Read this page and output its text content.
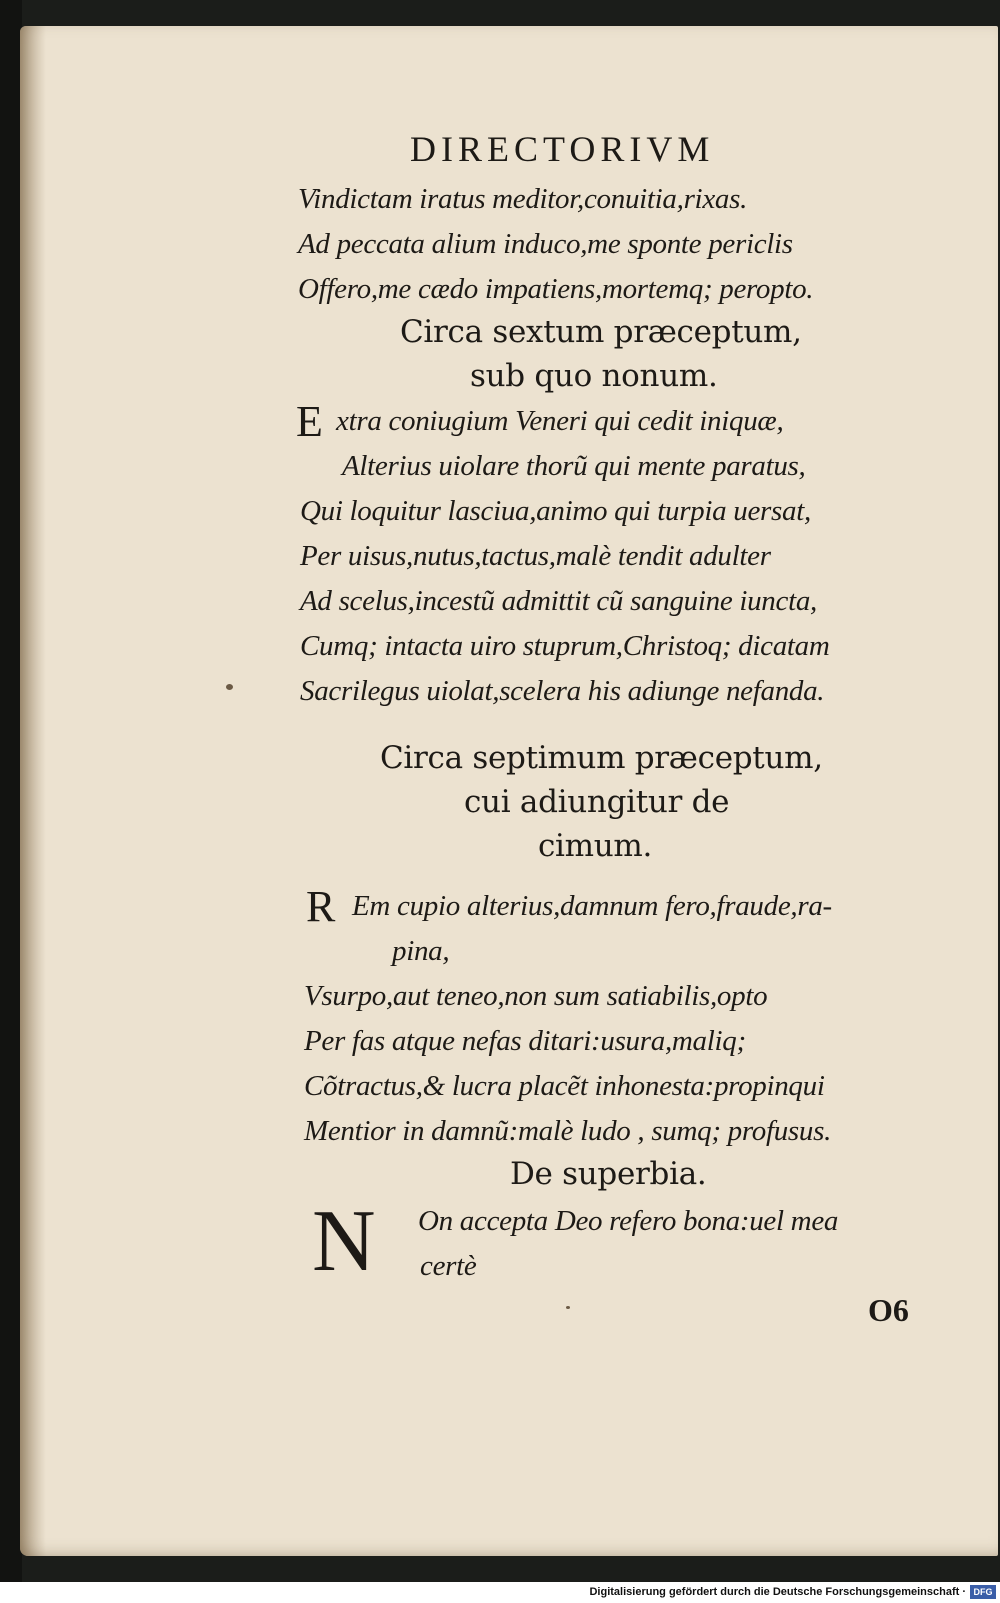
DIRECTORIVM
Vindictam iratus meditor,conuitia,rixas.
Ad peccata alium induco,me sponte periclis
Offero,me cædo impatiens,mortemq; peropto.
Circa sextum præceptum,
sub quo nonum.
E xtra coniugium Veneri qui cedit iniquæ,
Alterius uiolare thorũ qui mente paratus,
Qui loquitur lasciua,animo qui turpia uersat,
Per uisus,nutus,tactus,malè tendit adulter
Ad scelus,incestũ admittit cũ sanguine iuncta,
Cumq; intacta uiro stuprum,Christoq; dicatam
Sacrilegus uiolat,scelera his adiunge nefanda.
Circa septimum præceptum,
cui adiungitur de
cimum.
R Em cupio alterius,damnum fero,fraude,ra-
pina,
Vsurpo,aut teneo,non sum satiabilis,opto
Per fas atque nefas ditari:usura,maliq;
Cõtractus,& lucra placẽt inhonesta:propinqui
Mentior in damnũ:malè ludo , sumq; profusus.
De superbia.
N On accepta Deo refero bona:uel mea
certè
O6
Digitalisierung gefördert durch die Deutsche Forschungsgemeinschaft · DFG
